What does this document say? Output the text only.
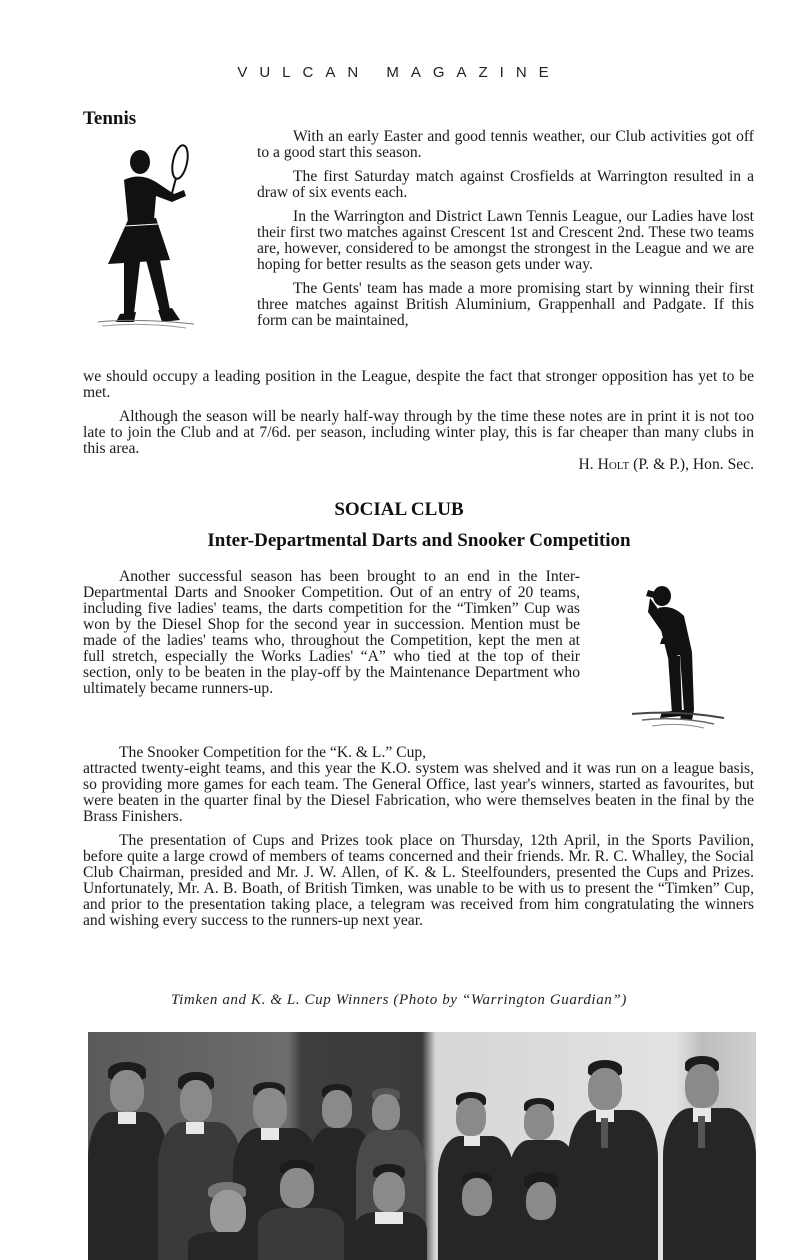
VULCAN MAGAZINE
Tennis

With an early Easter and good tennis weather, our Club activities got off to a good start this season.

The first Saturday match against Crosfields at Warrington resulted in a draw of six events each.

In the Warrington and District Lawn Tennis League, our Ladies have lost their first two matches against Crescent 1st and Crescent 2nd. These two teams are, however, considered to be amongst the strongest in the League and we are hoping for better results as the season gets under way.

The Gents' team has made a more promising start by winning their first three matches against British Aluminium, Grappenhall and Padgate. If this form can be maintained,

we should occupy a leading position in the League, despite the fact that stronger opposition has yet to be met.

Although the season will be nearly half-way through by the time these notes are in print it is not too late to join the Club and at 7/6d. per season, including winter play, this is far cheaper than many clubs in this area.

H. Holt (P. & P.), Hon. Sec.
SOCIAL CLUB
Inter-Departmental Darts and Snooker Competition

Another successful season has been brought to an end in the Inter-Departmental Darts and Snooker Competition. Out of an entry of 20 teams, including five ladies' teams, the darts competition for the “Timken” Cup was won by the Diesel Shop for the second year in succession. Mention must be made of the ladies' teams who, throughout the Competition, kept the men at full stretch, especially the Works Ladies' “A” who tied at the top of their section, only to be beaten in the play-off by the Maintenance Department who ultimately became runners-up.

The Snooker Competition for the “K. & L.” Cup,

attracted twenty-eight teams, and this year the K.O. system was shelved and it was run on a league basis, so providing more games for each team. The General Office, last year's winners, started as favourites, but were beaten in the quarter final by the Diesel Fabrication, who were themselves beaten in the final by the Brass Finishers.

The presentation of Cups and Prizes took place on Thursday, 12th April, in the Sports Pavilion, before quite a large crowd of members of teams concerned and their friends. Mr. R. C. Whalley, the Social Club Chairman, presided and Mr. J. W. Allen, of K. & L. Steelfounders, presented the Cups and Prizes. Unfortunately, Mr. A. B. Boath, of British Timken, was unable to be with us to present the “Timken” Cup, and prior to the presentation taking place, a telegram was received from him congratulating the winners and wishing every success to the runners-up next year.

Timken and K. & L. Cup Winners (Photo by “Warrington Guardian”)
